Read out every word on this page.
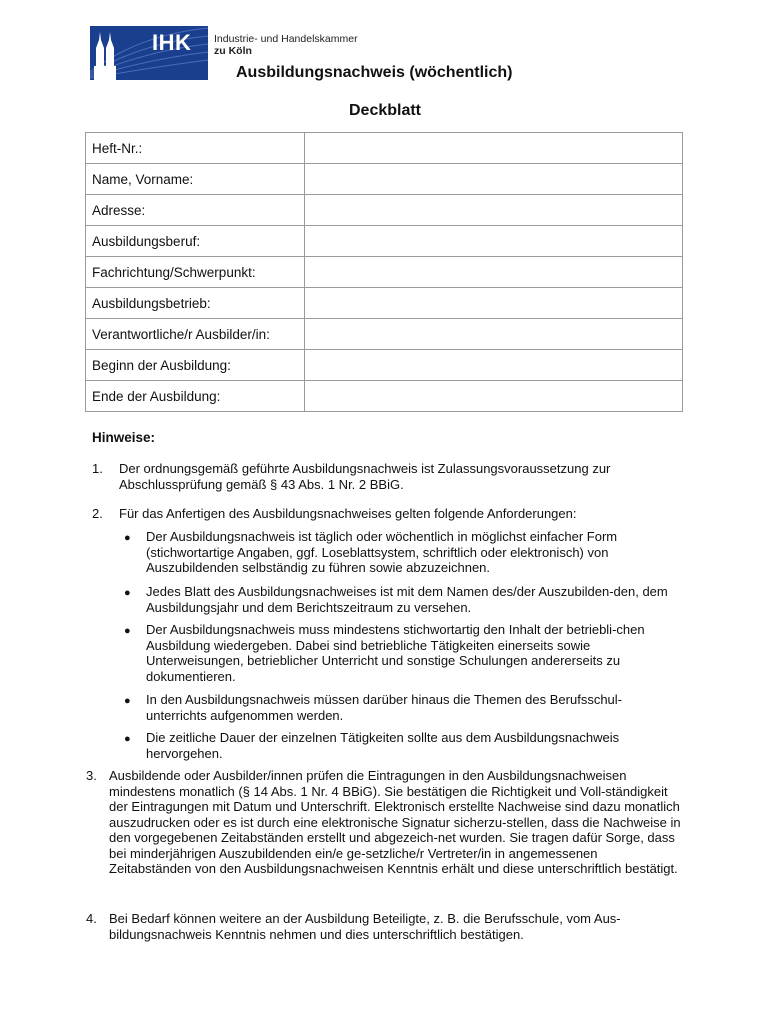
IHK Industrie- und Handelskammer
zu Köln
Ausbildungsnachweis (wöchentlich)
Deckblatt
Heft-Nr.:	
Name, Vorname:	
Adresse:	
Ausbildungsberuf:	
Fachrichtung/Schwerpunkt:	
Ausbildungsbetrieb:	
Verantwortliche/r Ausbilder/in:	
Beginn der Ausbildung:	
Ende der Ausbildung:	
Hinweise:
1. Der ordnungsgemäß geführte Ausbildungsnachweis ist Zulassungsvoraussetzung zur Abschlussprüfung gemäß § 43 Abs. 1 Nr. 2 BBiG.
2. Für das Anfertigen des Ausbildungsnachweises gelten folgende Anforderungen:
● Der Ausbildungsnachweis ist täglich oder wöchentlich in möglichst einfacher Form (stichwortartige Angaben, ggf. Loseblattsystem, schriftlich oder elektronisch) von Auszubildenden selbständig zu führen sowie abzuzeichnen.
● Jedes Blatt des Ausbildungsnachweises ist mit dem Namen des/der Auszubilden-den, dem Ausbildungsjahr und dem Berichtszeitraum zu versehen.
● Der Ausbildungsnachweis muss mindestens stichwortartig den Inhalt der betriebli-chen Ausbildung wiedergeben. Dabei sind betriebliche Tätigkeiten einerseits sowie Unterweisungen, betrieblicher Unterricht und sonstige Schulungen andererseits zu dokumentieren.
● In den Ausbildungsnachweis müssen darüber hinaus die Themen des Berufsschul-unterrichts aufgenommen werden.
● Die zeitliche Dauer der einzelnen Tätigkeiten sollte aus dem Ausbildungsnachweis hervorgehen.
3. Ausbildende oder Ausbilder/innen prüfen die Eintragungen in den Ausbildungsnachweisen mindestens monatlich (§ 14 Abs. 1 Nr. 4 BBiG). Sie bestätigen die Richtigkeit und Voll-ständigkeit der Eintragungen mit Datum und Unterschrift. Elektronisch erstellte Nachweise sind dazu monatlich auszudrucken oder es ist durch eine elektronische Signatur sicherzu-stellen, dass die Nachweise in den vorgegebenen Zeitabständen erstellt und abgezeich-net wurden. Sie tragen dafür Sorge, dass bei minderjährigen Auszubildenden ein/e ge-setzliche/r Vertreter/in in angemessenen Zeitabständen von den Ausbildungsnachweisen Kenntnis erhält und diese unterschriftlich bestätigt.
4. Bei Bedarf können weitere an der Ausbildung Beteiligte, z. B. die Berufsschule, vom Aus-bildungsnachweis Kenntnis nehmen und dies unterschriftlich bestätigen.
